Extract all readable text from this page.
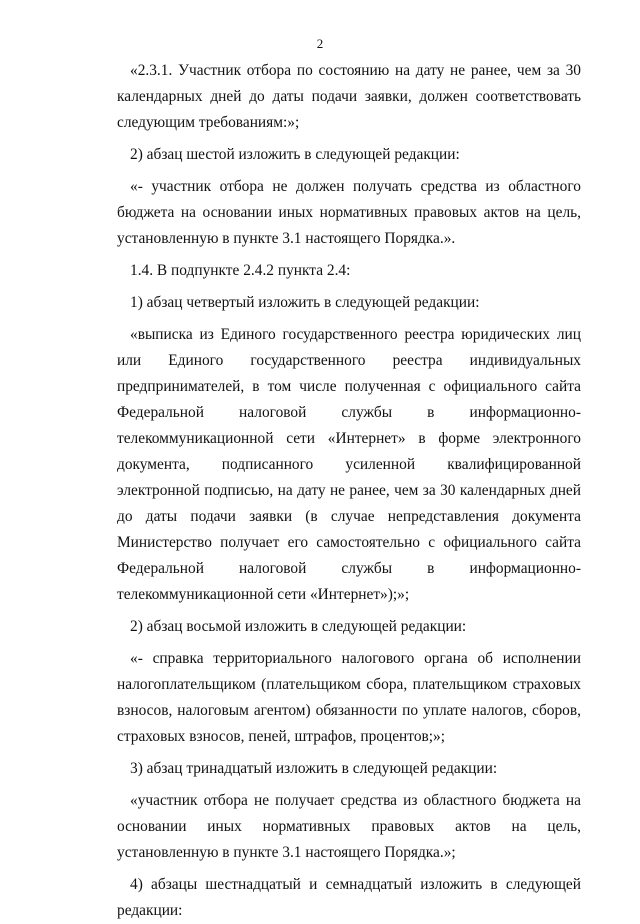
2

«2.3.1. Участник отбора по состоянию на дату не ранее, чем за 30 календарных дней до даты подачи заявки, должен соответствовать следующим требованиям:»;

2) абзац шестой изложить в следующей редакции:

«- участник отбора не должен получать средства из областного бюджета на основании иных нормативных правовых актов на цель, установленную в пункте 3.1 настоящего Порядка.».

1.4. В подпункте 2.4.2 пункта 2.4:

1) абзац четвертый изложить в следующей редакции:

«выписка из Единого государственного реестра юридических лиц или Единого государственного реестра индивидуальных предпринимателей, в том числе полученная с официального сайта Федеральной налоговой службы в информационно-телекоммуникационной сети «Интернет» в форме электронного документа, подписанного усиленной квалифицированной электронной подписью, на дату не ранее, чем за 30 календарных дней до даты подачи заявки (в случае непредставления документа Министерство получает его самостоятельно с официального сайта Федеральной налоговой службы в информационно-телекоммуникационной сети «Интернет»);»;

2) абзац восьмой изложить в следующей редакции:

«- справка территориального налогового органа об исполнении налогоплательщиком (плательщиком сбора, плательщиком страховых взносов, налоговым агентом) обязанности по уплате налогов, сборов, страховых взносов, пеней, штрафов, процентов;»;

3) абзац тринадцатый изложить в следующей редакции:

«участник отбора не получает средства из областного бюджета на основании иных нормативных правовых актов на цель, установленную в пункте 3.1 настоящего Порядка.»;

4) абзацы шестнадцатый и семнадцатый изложить в следующей редакции:
